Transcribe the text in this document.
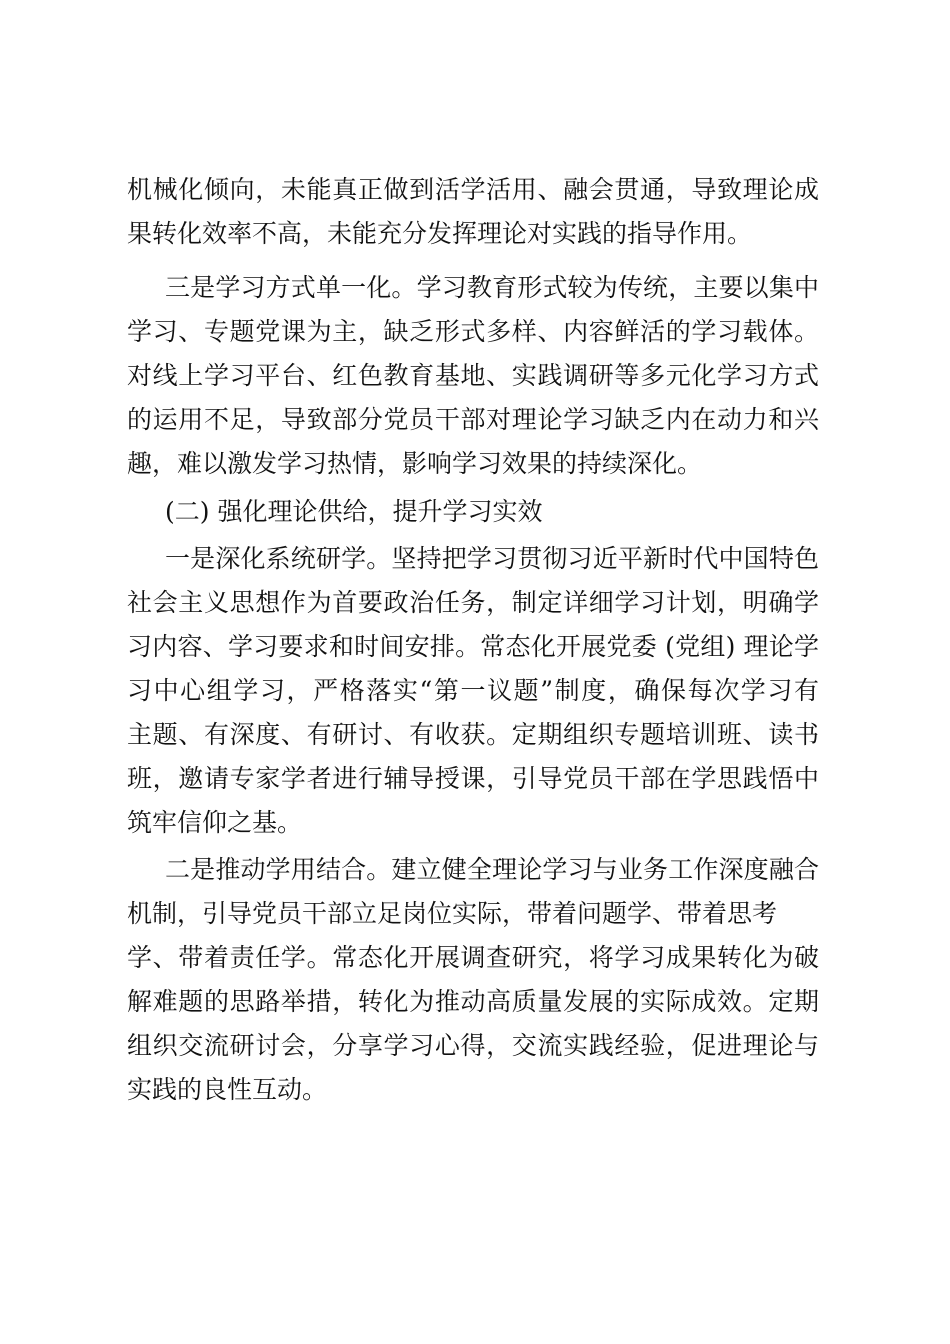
机械化倾向，未能真正做到活学活用、融会贯通，导致理论成
果转化效率不高，未能充分发挥理论对实践的指导作用。
三是学习方式单一化。学习教育形式较为传统，主要以集中
学习、专题党课为主，缺乏形式多样、内容鲜活的学习载体。
对线上学习平台、红色教育基地、实践调研等多元化学习方式
的运用不足，导致部分党员干部对理论学习缺乏内在动力和兴
趣，难以激发学习热情，影响学习效果的持续深化。
(二) 强化理论供给，提升学习实效
一是深化系统研学。坚持把学习贯彻习近平新时代中国特色
社会主义思想作为首要政治任务，制定详细学习计划，明确学
习内容、学习要求和时间安排。常态化开展党委 (党组) 理论学
习中心组学习，严格落实“第一议题”制度，确保每次学习有
主题、有深度、有研讨、有收获。定期组织专题培训班、读书
班，邀请专家学者进行辅导授课，引导党员干部在学思践悟中
筑牢信仰之基。
二是推动学用结合。建立健全理论学习与业务工作深度融合
机制，引导党员干部立足岗位实际，带着问题学、带着思考
学、带着责任学。常态化开展调查研究，将学习成果转化为破
解难题的思路举措，转化为推动高质量发展的实际成效。定期
组织交流研讨会，分享学习心得，交流实践经验，促进理论与
实践的良性互动。
